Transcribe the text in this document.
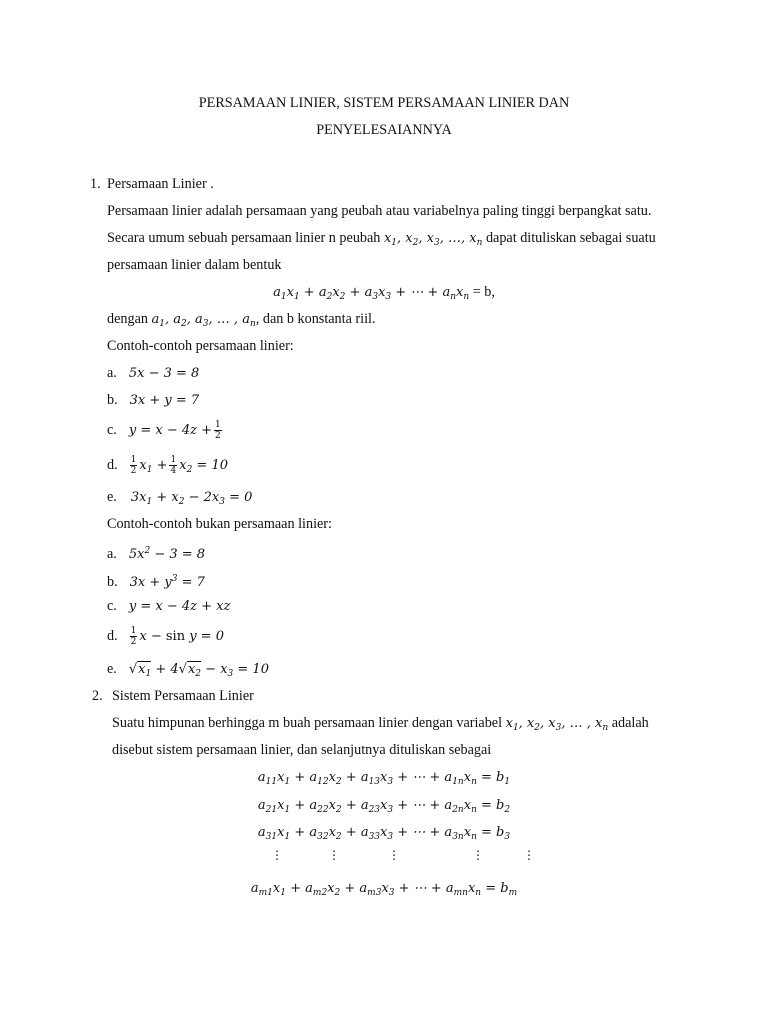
PERSAMAAN LINIER, SISTEM PERSAMAAN LINIER DAN
PENYELESAIANNYA
1. Persamaan Linier .
Persamaan linier adalah persamaan yang peubah atau variabelnya paling tinggi berpangkat satu.
Secara umum sebuah persamaan linier n peubah $x_1$, $x_2$, $x_3$, …, $x_n$ dapat dituliskan sebagai suatu
persamaan linier dalam bentuk
$a_1x_1 + a_2x_2 + a_3x_3$ + ⋯ + $a_nx_n = b$,
dengan $a_1$, $a_2$, $a_3$, … , $a_n$, dan b konstanta riil.
Contoh-contoh persamaan linier:
a. 5x − 3 = 8
b. 3x + y = 7
c. $y = x - 4z + \frac{1}{2}$
d. $\frac{1}{2} x_1 + \frac{1}{4} x_2 = 10$
e. $3x_1 + x_2 - 2x_3 = 0$
Contoh-contoh bukan persamaan linier:
a. $5x^2 - 3 = 8$
b. $3x + y^3 = 7$
c. y = x − 4z + xz
d. $\frac{1}{2}$ x − sin y = 0
e. $√x_1 + 4√x_2 - x_3 = 10$
2. Sistem Persamaan Linier
Suatu himpunan berhingga m buah persamaan linier dengan variabel $x_1$, $x_2$, $x_3$, … , $x_n$ adalah
disebut sistem persamaan linier, dan selanjutnya dituliskan sebagai
$a_{11}x_1 + a_{12}x_2 + a_{13}x_3$ + ⋯ + $a_{1n}x_n = b_1$
$a_{21}x_1 + a_{22}x_2 + a_{23}x_3$ + ⋯ + $a_{2n}x_n = b_2$
$a_{31}x_1 + a_{32}x_2 + a_{33}x_3$ + ⋯ + $a_{3n}x_n = b_3$
⋮	⋮	⋮	⋮	⋮
$a_{m1}x_1 + a_{m2}x_2 + a_{m3}x_3$ + ⋯ + $a_{mn}x_n = b_m$
